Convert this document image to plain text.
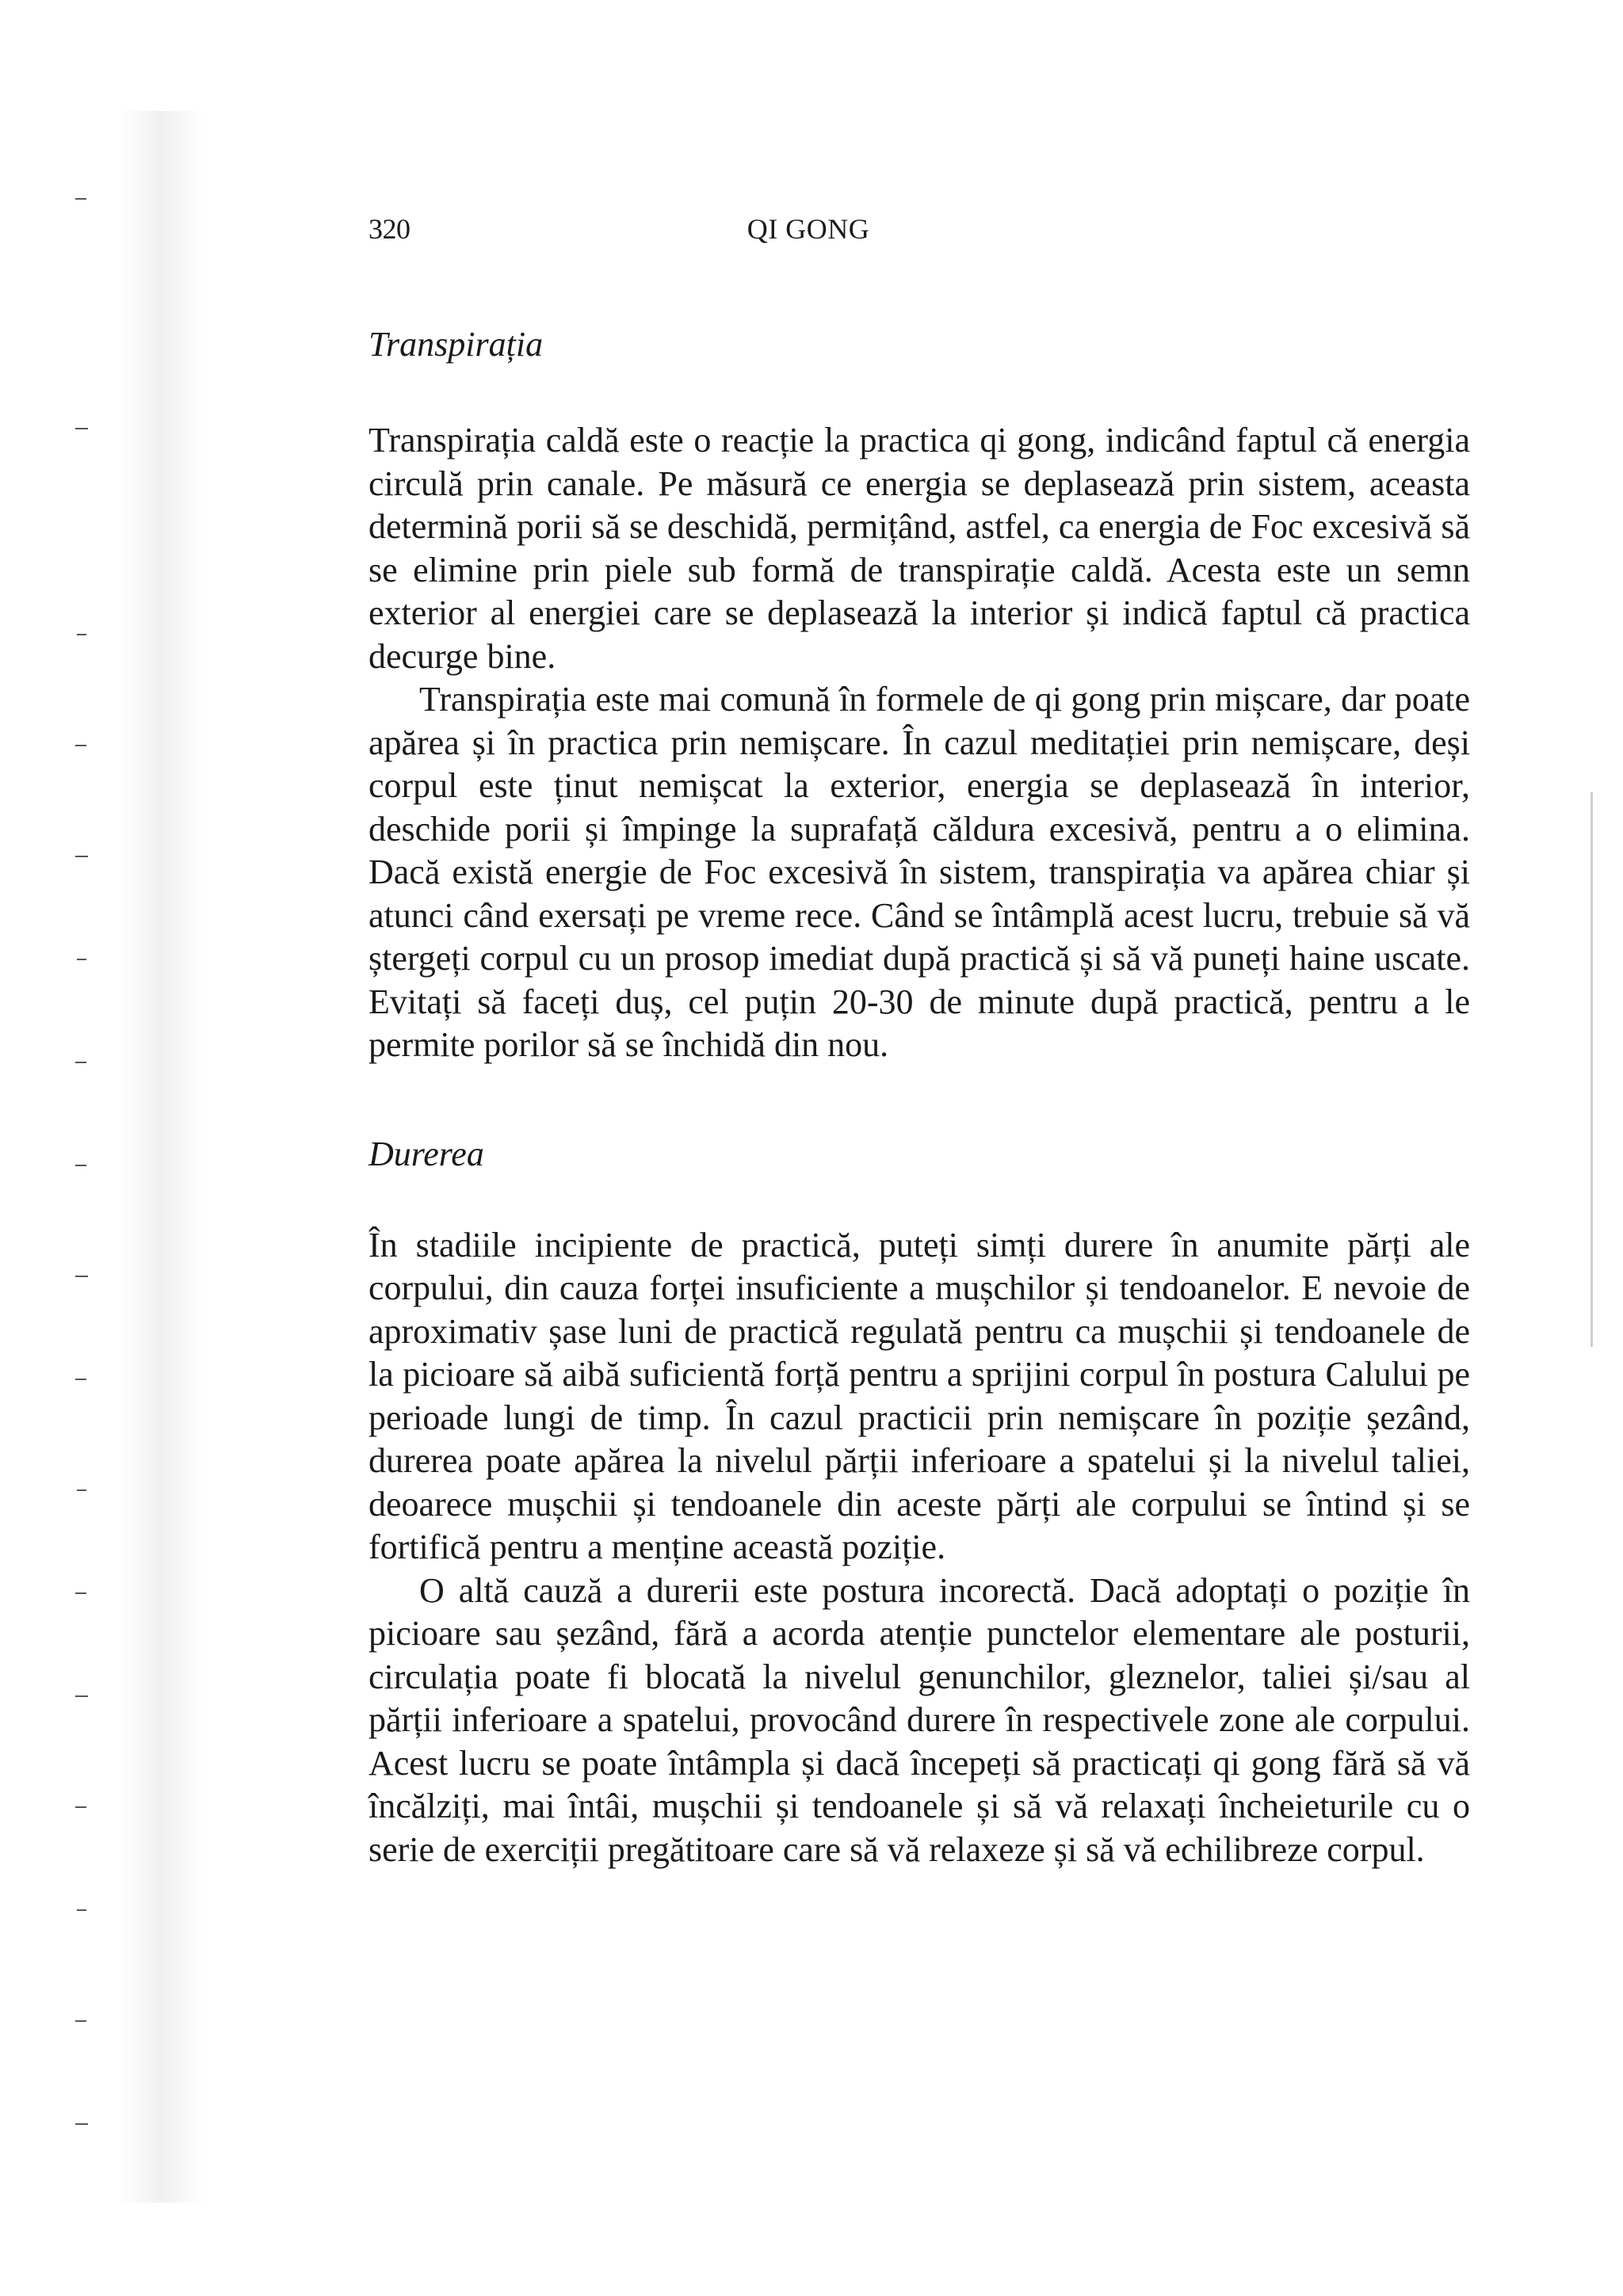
320	QI GONG
Transpirația

Transpirația caldă este o reacție la practica qi gong, indicând faptul că energia circulă prin canale. Pe măsură ce energia se deplasează prin sistem, aceasta determină porii să se deschidă, permițând, astfel, ca energia de Foc excesivă să se elimine prin piele sub formă de transpirație caldă. Acesta este un semn exterior al energiei care se deplasează la interior și indică faptul că practica decurge bine.

Transpirația este mai comună în formele de qi gong prin mișcare, dar poate apărea și în practica prin nemișcare. În cazul meditației prin nemișcare, deși corpul este ținut nemișcat la exterior, energia se deplasează în interior, deschide porii și împinge la suprafață căldura excesivă, pentru a o elimina. Dacă există energie de Foc excesivă în sistem, transpirația va apărea chiar și atunci când exersați pe vreme rece. Când se întâmplă acest lucru, trebuie să vă ștergeți corpul cu un prosop imediat după practică și să vă puneți haine uscate. Evitați să faceți duș, cel puțin 20-30 de minute după practică, pentru a le permite porilor să se închidă din nou.

Durerea

În stadiile incipiente de practică, puteți simți durere în anumite părți ale corpului, din cauza forței insuficiente a mușchilor și tendoanelor. E nevoie de aproximativ șase luni de practică regulată pentru ca mușchii și tendoanele de la picioare să aibă suficientă forță pentru a sprijini corpul în postura Calului pe perioade lungi de timp. În cazul practicii prin nemișcare în poziție șezând, durerea poate apărea la nivelul părții inferioare a spatelui și la nivelul taliei, deoarece mușchii și tendoanele din aceste părți ale corpului se întind și se fortifică pentru a menține această poziție.

O altă cauză a durerii este postura incorectă. Dacă adoptați o poziție în picioare sau șezând, fără a acorda atenție punctelor elementare ale posturii, circulația poate fi blocată la nivelul genunchilor, gleznelor, taliei și/sau al părții inferioare a spatelui, provocând durere în respectivele zone ale corpului. Acest lucru se poate întâmpla și dacă începeți să practicați qi gong fără să vă încălziți, mai întâi, mușchii și tendoanele și să vă relaxați încheieturile cu o serie de exerciții pregătitoare care să vă relaxeze și să vă echilibreze corpul.
